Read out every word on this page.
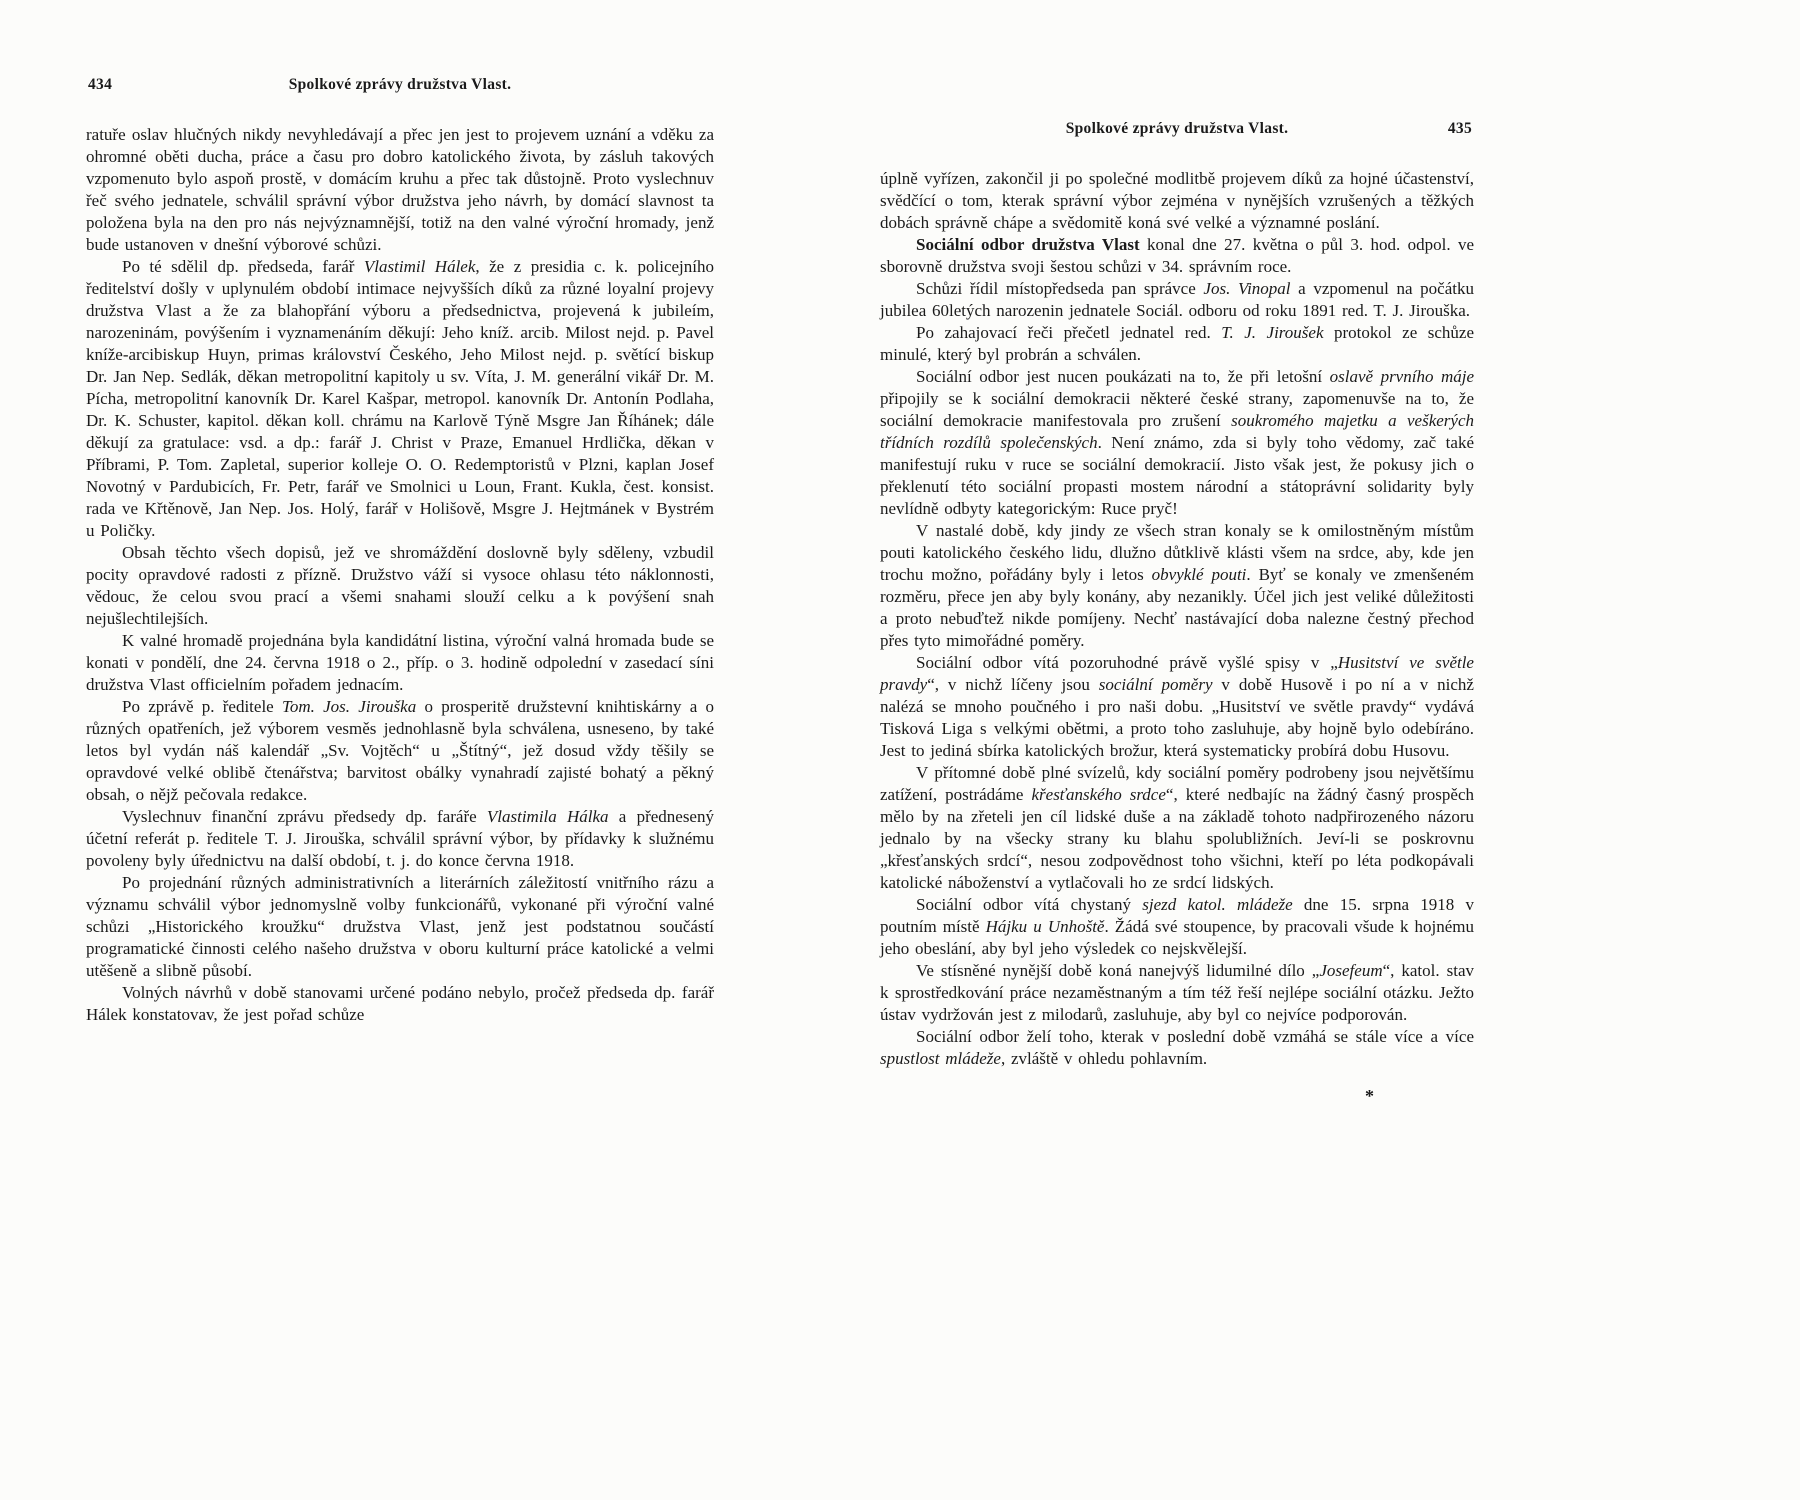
434	Spolkové zprávy družstva Vlast.

ratuře oslav hlučných nikdy nevyhledávají a přec jen jest to projevem uznání a vděku za ohromné oběti ducha, práce a času pro dobro katolického života, by zásluh takových vzpomenuto bylo aspoň prostě, v domácím kruhu a přec tak důstojně. Proto vyslechnuv řeč svého jednatele, schválil správní výbor družstva jeho návrh, by domácí slavnost ta položena byla na den pro nás nejvýznamnější, totiž na den valné výroční hromady, jenž bude ustanoven v dnešní výborové schůzi.

Po té sdělil dp. předseda, farář Vlastimil Hálek, že z presidia c. k. policejního ředitelství došly v uplynulém období intimace nejvyšších díků za různé loyalní projevy družstva Vlast a že za blahopřání výboru a předsednictva, projevená k jubileím, narozeninám, povýšením i vyznamenáním děkují: Jeho kníž. arcib. Milost nejd. p. Pavel kníže-arcibiskup Huyn, primas království Českého, Jeho Milost nejd. p. světící biskup Dr. Jan Nep. Sedlák, děkan metropolitní kapitoly u sv. Víta, J. M. generální vikář Dr. M. Pícha, metropolitní kanovník Dr. Karel Kašpar, metropol. kanovník Dr. Antonín Podlaha, Dr. K. Schuster, kapitol. děkan koll. chrámu na Karlově Týně Msgre Jan Říhánek; dále děkují za gratulace: vsd. a dp.: farář J. Christ v Praze, Emanuel Hrdlička, děkan v Příbrami, P. Tom. Zapletal, superior kolleje O. O. Redemptoristů v Plzni, kaplan Josef Novotný v Pardubicích, Fr. Petr, farář ve Smolnici u Loun, Frant. Kukla, čest. konsist. rada ve Křtěnově, Jan Nep. Jos. Holý, farář v Holišově, Msgre J. Hejtmánek v Bystrém u Poličky.

Obsah těchto všech dopisů, jež ve shromáždění doslovně byly sděleny, vzbudil pocity opravdové radosti z přízně. Družstvo váží si vysoce ohlasu této náklonnosti, vědouc, že celou svou prací a všemi snahami slouží celku a k povýšení snah nejušlechtilejších.

K valné hromadě projednána byla kandidátní listina, výroční valná hromada bude se konati v pondělí, dne 24. června 1918 o 2., příp. o 3. hodině odpolední v zasedací síni družstva Vlast officielním pořadem jednacím.

Po zprávě p. ředitele Tom. Jos. Jirouška o prosperitě družstevní knihtiskárny a o různých opatřeních, jež výborem vesměs jednohlasně byla schválena, usneseno, by také letos byl vydán náš kalendář „Sv. Vojtěch“ u „Štítný“, jež dosud vždy těšily se opravdové velké oblibě čtenářstva; barvitost obálky vynahradí zajisté bohatý a pěkný obsah, o nějž pečovala redakce.

Vyslechnuv finanční zprávu předsedy dp. faráře Vlastimila Hálka a přednesený účetní referát p. ředitele T. J. Jirouška, schválil správní výbor, by přídavky k služnému povoleny byly úřednictvu na další období, t. j. do konce června 1918.

Po projednání různých administrativních a literárních záležitostí vnitřního rázu a významu schválil výbor jednomyslně volby funkcionářů, vykonané při výroční valné schůzi „Historického kroužku“ družstva Vlast, jenž jest podstatnou součástí programatické činnosti celého našeho družstva v oboru kulturní práce katolické a velmi utěšeně a slibně působí.

Volných návrhů v době stanovami určené podáno nebylo, pročež předseda dp. farář Hálek konstatovav, že jest pořad schůze

Spolkové zprávy družstva Vlast.	435

úplně vyřízen, zakončil ji po společné modlitbě projevem díků za hojné účastenství, svědčící o tom, kterak správní výbor zejména v nynějších vzrušených a těžkých dobách správně chápe a svědomitě koná své velké a významné poslání.

Sociální odbor družstva Vlast konal dne 27. května o půl 3. hod. odpol. ve sborovně družstva svoji šestou schůzi v 34. správním roce.

Schůzi řídil místopředseda pan správce Jos. Vinopal a vzpomenul na počátku jubilea 60letých narozenin jednatele Sociál. odboru od roku 1891 red. T. J. Jirouška.

Po zahajovací řeči přečetl jednatel red. T. J. Jiroušek protokol ze schůze minulé, který byl probrán a schválen.

Sociální odbor jest nucen poukázati na to, že při letošní oslavě prvního máje připojily se k sociální demokracii některé české strany, zapomenuvše na to, že sociální demokracie manifestovala pro zrušení soukromého majetku a veškerých třídních rozdílů společenských. Není známo, zda si byly toho vědomy, zač také manifestují ruku v ruce se sociální demokracií. Jisto však jest, že pokusy jich o překlenutí této sociální propasti mostem národní a státoprávní solidarity byly nevlídně odbyty kategorickým: Ruce pryč!

V nastalé době, kdy jindy ze všech stran konaly se k omilostněným místům pouti katolického českého lidu, dlužno důtklivě klásti všem na srdce, aby, kde jen trochu možno, pořádány byly i letos obvyklé pouti. Byť se konaly ve zmenšeném rozměru, přece jen aby byly konány, aby nezanikly. Účel jich jest veliké důležitosti a proto nebuďtež nikde pomíjeny. Nechť nastávající doba nalezne čestný přechod přes tyto mimořádné poměry.

Sociální odbor vítá pozoruhodné právě vyšlé spisy v „Husitství ve světle pravdy“, v nichž líčeny jsou sociální poměry v době Husově i po ní a v nichž nalézá se mnoho poučného i pro naši dobu. „Husitství ve světle pravdy“ vydává Tisková Liga s velkými obětmi, a proto toho zasluhuje, aby hojně bylo odebíráno. Jest to jediná sbírka katolických brožur, která systematicky probírá dobu Husovu.

V přítomné době plné svízelů, kdy sociální poměry podrobeny jsou největšímu zatížení, postrádáme křesťanského srdce“, které nedbajíc na žádný časný prospěch mělo by na zřeteli jen cíl lidské duše a na základě tohoto nadpřirozeného názoru jednalo by na všecky strany ku blahu spolubližních. Jeví-li se poskrovnu „křesťanských srdcí“, nesou zodpovědnost toho všichni, kteří po léta podkopávali katolické náboženství a vytlačovali ho ze srdcí lidských.

Sociální odbor vítá chystaný sjezd katol. mládeže dne 15. srpna 1918 v poutním místě Hájku u Unhoště. Žádá své stoupence, by pracovali všude k hojnému jeho obeslání, aby byl jeho výsledek co nejskvělejší.

Ve stísněné nynější době koná nanejvýš lidumilné dílo „Josefeum“, katol. stav k sprostředkování práce nezaměstnaným a tím též řeší nejlépe sociální otázku. Ježto ústav vydržován jest z milodarů, zasluhuje, aby byl co nejvíce podporován.

Sociální odbor želí toho, kterak v poslední době vzmáhá se stále více a více spustlost mládeže, zvláště v ohledu pohlavním.

*
